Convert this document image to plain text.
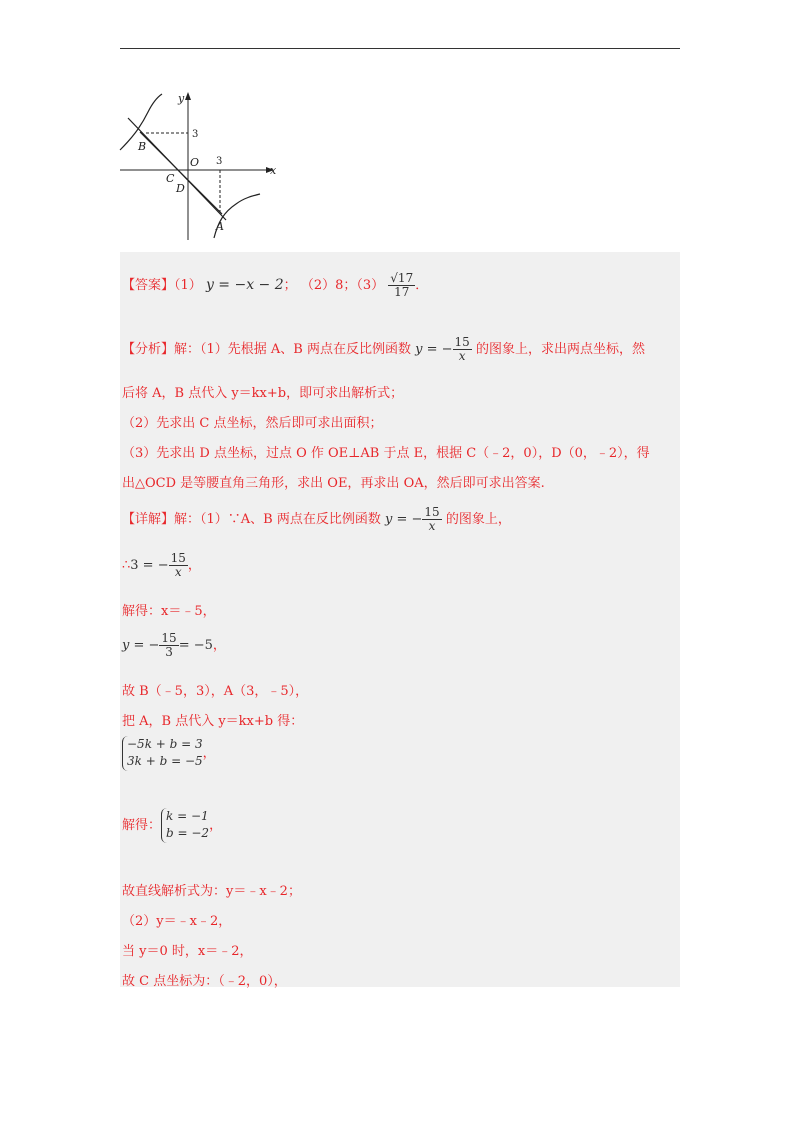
x
y
O 3
3
B
C
D
A
【答案】（1） y = −x − 2； （2）8；$(3) \frac{√17}{17}$ ．
【分析】解：（1）先根据 A、B 两点在反比例函数 y = − $\frac{15}{x}$ 的图象上，求出两点坐标，然
后将 A，B 点代入 y＝kx+b，即可求出解析式；
（2）先求出 C 点坐标，然后即可求出面积；
（3）先求出 D 点坐标，过点 O 作 OE⊥AB 于点 E，根据 C（﹣2，0），D（0，﹣2），得
出△OCD 是等腰直角三角形，求出 OE，再求出 OA，然后即可求出答案.
【详解】解：（1）∵A、B 两点在反比例函数 y = − $\frac{15}{x}$ 的图象上，
∴3 = − $\frac{15}{x}$ ，
解得：x＝﹣5，
y = − $\frac{15}{3} = -5$，
故 B（﹣5，3），A（3，﹣5），
把 A，B 点代入 y＝kx+b 得：
−5k + b = 3
3k + b = −5
，
解得：
k = −1
b = −2
，
故直线解析式为：y＝﹣x﹣2；
（2）y＝﹣x﹣2，
当 y＝0 时，x＝﹣2，
故 C 点坐标为：（﹣2，0），
